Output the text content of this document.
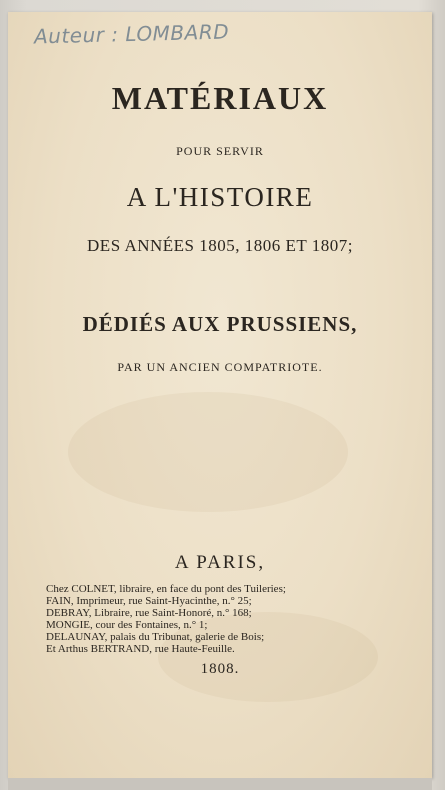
Auteur : LOMBARD
MATÉRIAUX
POUR SERVIR
A L'HISTOIRE
DES ANNÉES 1805, 1806 ET 1807;
DÉDIÉS AUX PRUSSIENS,
PAR UN ANCIEN COMPATRIOTE.
A PARIS,
Chez COLNET, libraire, en face du pont des Tuileries;
FAIN, Imprimeur, rue Saint-Hyacinthe, n.° 25;
DEBRAY, Libraire, rue Saint-Honoré, n.° 168;
MONGIE, cour des Fontaines, n.° 1;
DELAUNAY, palais du Tribunat, galerie de Bois;
Et Arthus BERTRAND, rue Haute-Feuille.
1808.
